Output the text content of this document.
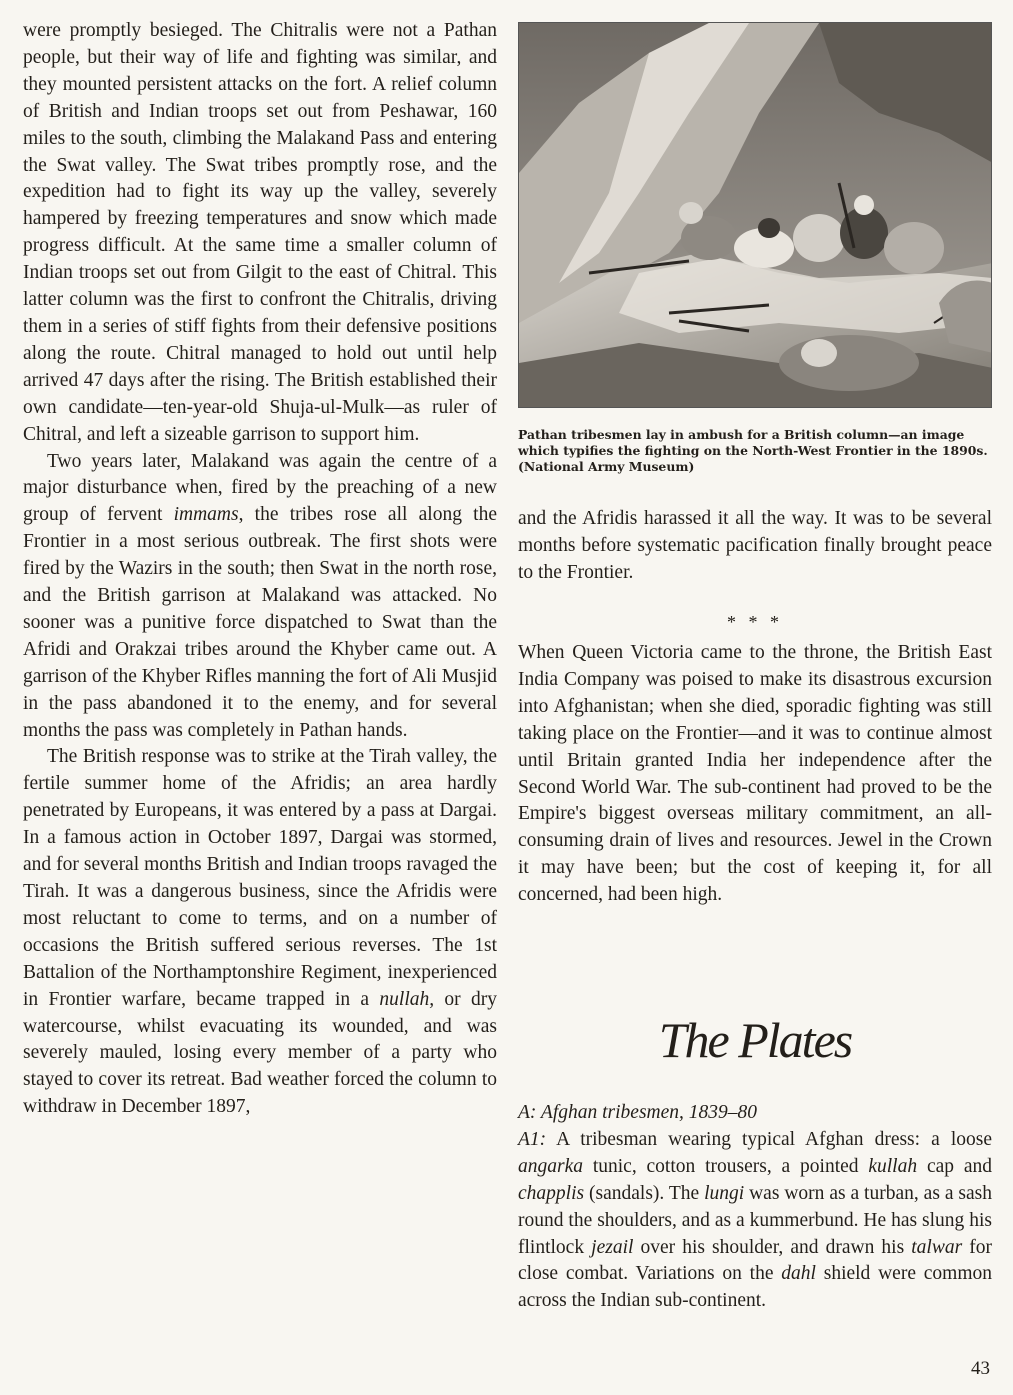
were promptly besieged. The Chitralis were not a Pathan people, but their way of life and fighting was similar, and they mounted persistent attacks on the fort. A relief column of British and Indian troops set out from Peshawar, 160 miles to the south, climbing the Malakand Pass and entering the Swat valley. The Swat tribes promptly rose, and the expedition had to fight its way up the valley, severely hampered by freezing temperatures and snow which made progress difficult. At the same time a smaller column of Indian troops set out from Gilgit to the east of Chitral. This latter column was the first to confront the Chitralis, driving them in a series of stiff fights from their defensive positions along the route. Chitral managed to hold out until help arrived 47 days after the rising. The British established their own candidate—ten-year-old Shuja-ul-Mulk—as ruler of Chitral, and left a sizeable garrison to support him.

Two years later, Malakand was again the centre of a major disturbance when, fired by the preaching of a new group of fervent immams, the tribes rose all along the Frontier in a most serious outbreak. The first shots were fired by the Wazirs in the south; then Swat in the north rose, and the British garrison at Malakand was attacked. No sooner was a punitive force dispatched to Swat than the Afridi and Orakzai tribes around the Khyber came out. A garrison of the Khyber Rifles manning the fort of Ali Musjid in the pass abandoned it to the enemy, and for several months the pass was completely in Pathan hands.

The British response was to strike at the Tirah valley, the fertile summer home of the Afridis; an area hardly penetrated by Europeans, it was entered by a pass at Dargai. In a famous action in October 1897, Dargai was stormed, and for several months British and Indian troops ravaged the Tirah. It was a dangerous business, since the Afridis were most reluctant to come to terms, and on a number of occasions the British suffered serious reverses. The 1st Battalion of the Northamptonshire Regiment, inexperienced in Frontier warfare, became trapped in a nullah, or dry watercourse, whilst evacuating its wounded, and was severely mauled, losing every member of a party who stayed to cover its retreat. Bad weather forced the column to withdraw in December 1897,

Pathan tribesmen lay in ambush for a British column—an image which typifies the fighting on the North-West Frontier in the 1890s. (National Army Museum)

and the Afridis harassed it all the way. It was to be several months before systematic pacification finally brought peace to the Frontier.

* * *

When Queen Victoria came to the throne, the British East India Company was poised to make its disastrous excursion into Afghanistan; when she died, sporadic fighting was still taking place on the Frontier—and it was to continue almost until Britain granted India her independence after the Second World War. The sub-continent had proved to be the Empire's biggest overseas military commitment, an all-consuming drain of lives and resources. Jewel in the Crown it may have been; but the cost of keeping it, for all concerned, had been high.

The Plates

A: Afghan tribesmen, 1839–80

A1: A tribesman wearing typical Afghan dress: a loose angarka tunic, cotton trousers, a pointed kullah cap and chapplis (sandals). The lungi was worn as a turban, as a sash round the shoulders, and as a kummerbund. He has slung his flintlock jezail over his shoulder, and drawn his talwar for close combat. Variations on the dahl shield were common across the Indian sub-continent.

43
